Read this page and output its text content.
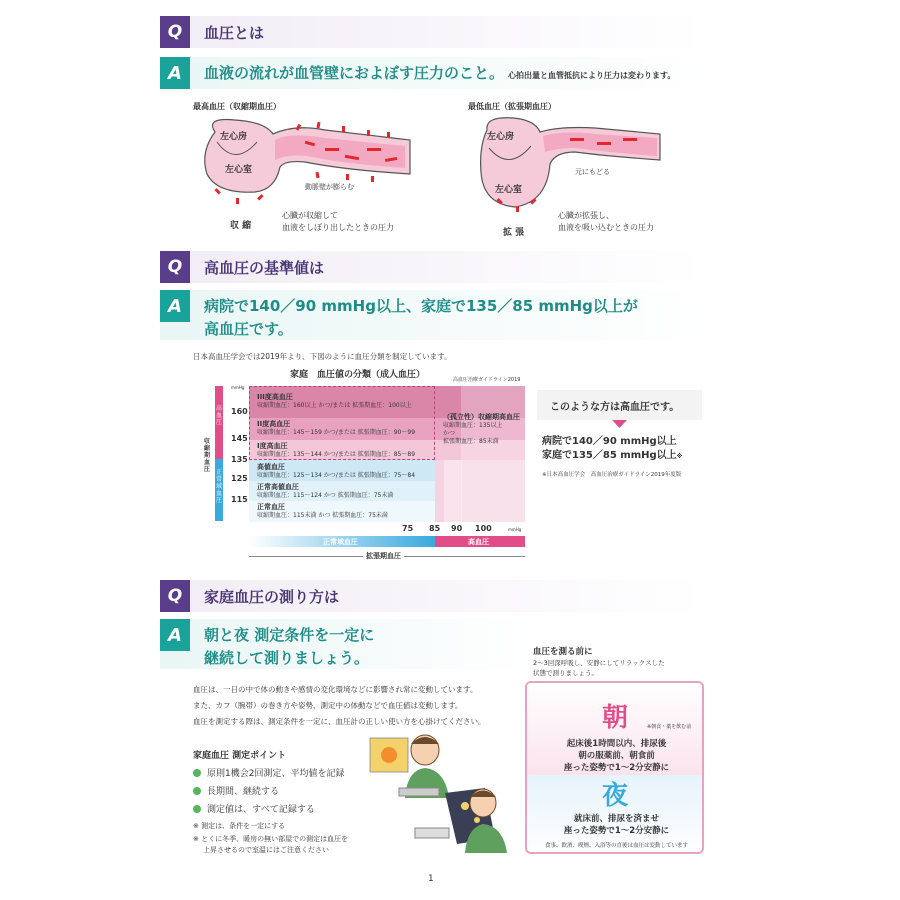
Q	血圧とは
A	血液の流れが血管壁におよぼす圧力のこと。 心拍出量と血管抵抗により圧力は変わります。
最高血圧（収縮期血圧）
左心房
左心室
動脈壁が膨らむ
収 縮
心臓が収縮して
血液をしぼり出したときの圧力
最低血圧（拡張期血圧）
左心房
左心室
元にもどる
拡 張
心臓が拡張し、
血液を吸い込むときの圧力
Q	高血圧の基準値は
A	病院で140／90 mmHg以上、家庭で135／85 mmHg以上が
高血圧です。
日本高血圧学会では2019年より、下図のように血圧分類を制定しています。
家庭　血圧値の分類（成人血圧）	高血圧治療ガイドライン2019
高血圧
正常域血圧
収縮期血圧
mmHg
160
145
135
125
115
III度高血圧
収縮期血圧：160以上 かつ/または 拡張期血圧：100以上
II度高血圧
収縮期血圧：145〜159 かつ/または 拡張期血圧：90〜99
I度高血圧
収縮期血圧：135〜144 かつ/または 拡張期血圧：85〜89
高値血圧
収縮期血圧：125〜134 かつ/または 拡張期血圧：75〜84
正常高値血圧
収縮期血圧：115〜124 かつ 拡張期血圧：75未満
正常血圧
収縮期血圧：115未満 かつ 拡張期血圧：75未満
（孤立性）収縮期高血圧
収縮期血圧：135以上
かつ
拡張期血圧：85未満
75 85 90 100	mmHg
正常域血圧	高血圧
拡張期血圧
このような方は高血圧です。
病院で140／90 mmHg以上
家庭で135／85 mmHg以上※
※日本高血圧学会　高血圧治療ガイドライン2019年度版
Q	家庭血圧の測り方は
A	朝と夜 測定条件を一定に
継続して測りましょう。	血圧を測る前に
2〜3回深呼吸し、安静にしてリラックスした
状態で測りましょう。
血圧は、一日の中で体の動きや感情の変化環境などに影響され常に変動しています。
また、カフ（腕帯）の巻き方や姿勢、測定中の体動などで血圧値は変動します。
血圧を測定する際は、測定条件を一定に、血圧計の正しい使い方を心掛けてください。
家庭血圧 測定ポイント
原則1機会2回測定、平均値を記録
長期間、継続する
測定値は、すべて記録する
※ 測定は、条件を一定にする
※ とくに冬季、暖房の無い部屋での測定は血圧を
上昇させるので室温にはご注意ください
朝	※朝食・薬を飲む前
起床後1時間以内、排尿後
朝の服薬前、朝食前
座った姿勢で1〜2分安静に
夜
就床前、排尿を済ませ
座った姿勢で1〜2分安静に
食事、飲酒、喫煙、入浴等の直後は血圧は変動しています
1
